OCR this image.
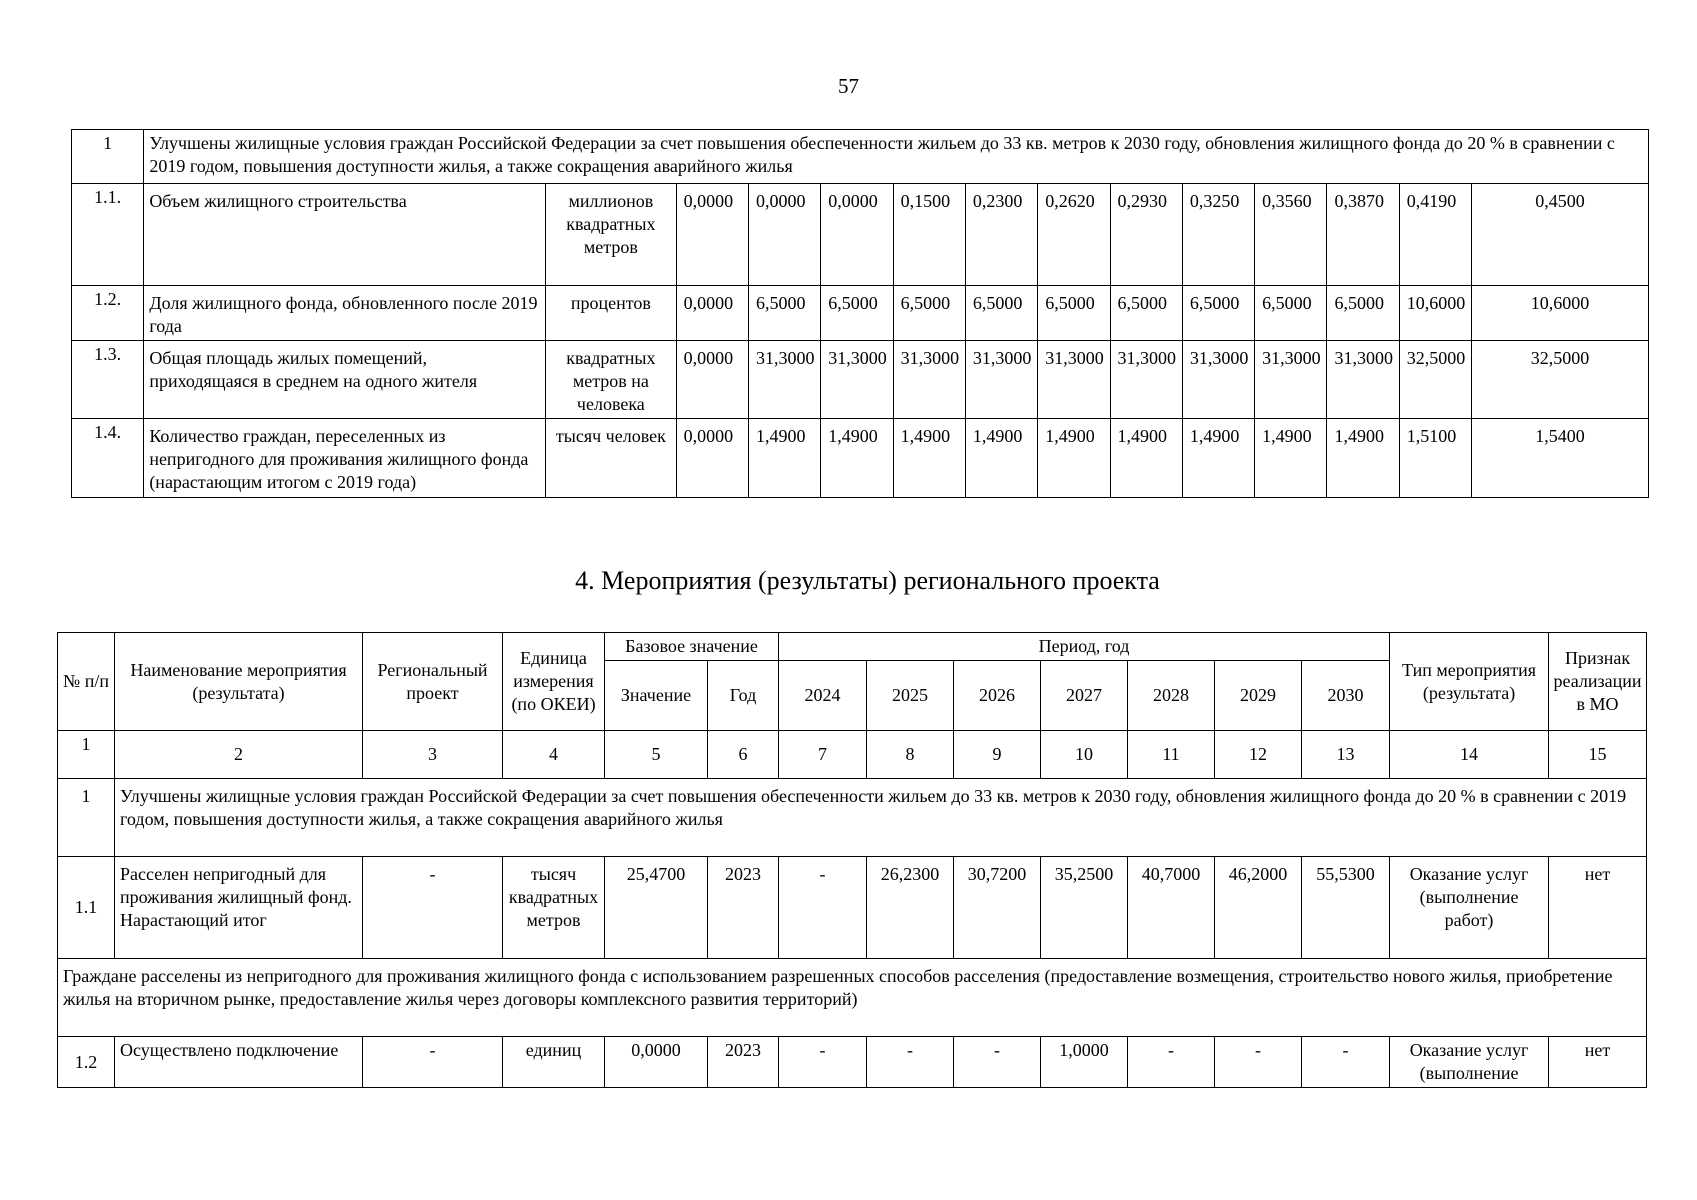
57
1	Улучшены жилищные условия граждан Российской Федерации за счет повышения обеспеченности жильем до 33 кв. метров к 2030 году, обновления жилищного фонда до 20 % в сравнении с 2019 годом, повышения доступности жилья, а также сокращения аварийного жилья													
1.1.	Объем жилищного строительства	миллионов квадратных метров	0,0000	0,0000	0,0000	0,1500	0,2300	0,2620	0,2930	0,3250	0,3560	0,3870	0,4190	0,4500
1.2.	Доля жилищного фонда, обновленного после 2019 года	процентов	0,0000	6,5000	6,5000	6,5000	6,5000	6,5000	6,5000	6,5000	6,5000	6,5000	10,6000	10,6000
1.3.	Общая площадь жилых помещений, приходящаяся в среднем на одного жителя	квадратных метров на человека	0,0000	31,3000	31,3000	31,3000	31,3000	31,3000	31,3000	31,3000	31,3000	31,3000	32,5000	32,5000
1.4.	Количество граждан, переселенных из непригодного для проживания жилищного фонда (нарастающим итогом с 2019 года)	тысяч человек	0,0000	1,4900	1,4900	1,4900	1,4900	1,4900	1,4900	1,4900	1,4900	1,4900	1,5100	1,5400
4. Мероприятия (результаты) регионального проекта
№ п/п	Наименование мероприятия (результата)	Региональный проект	Единица измерения (по ОКЕИ)	Базовое значение		Период, год							Тип мероприятия (результата)	Признак реализации в МО
				Значение	Год	2024	2025	2026	2027	2028	2029	2030		
1	2	3	4	5	6	7	8	9	10	11	12	13	14	15
1	Улучшены жилищные условия граждан Российской Федерации за счет повышения обеспеченности жильем до 33 кв. метров к 2030 году, обновления жилищного фонда до 20 % в сравнении с 2019 годом, повышения доступности жилья, а также сокращения аварийного жилья													
1.1	Расселен непригодный для проживания жилищный фонд. Нарастающий итог	-	тысяч квадратных метров	25,4700	2023	-	26,2300	30,7200	35,2500	40,7000	46,2000	55,5300	Оказание услуг (выполнение работ)	нет
Граждане расселены из непригодного для проживания жилищного фонда с использованием разрешенных способов расселения (предоставление возмещения, строительство нового жилья, приобретение жилья на вторичном рынке, предоставление жилья через договоры комплексного развития территорий)														
1.2	Осуществлено подключение	-	единиц	0,0000	2023	-	-	-	1,0000	-	-	-	Оказание услуг (выполнение	нет
